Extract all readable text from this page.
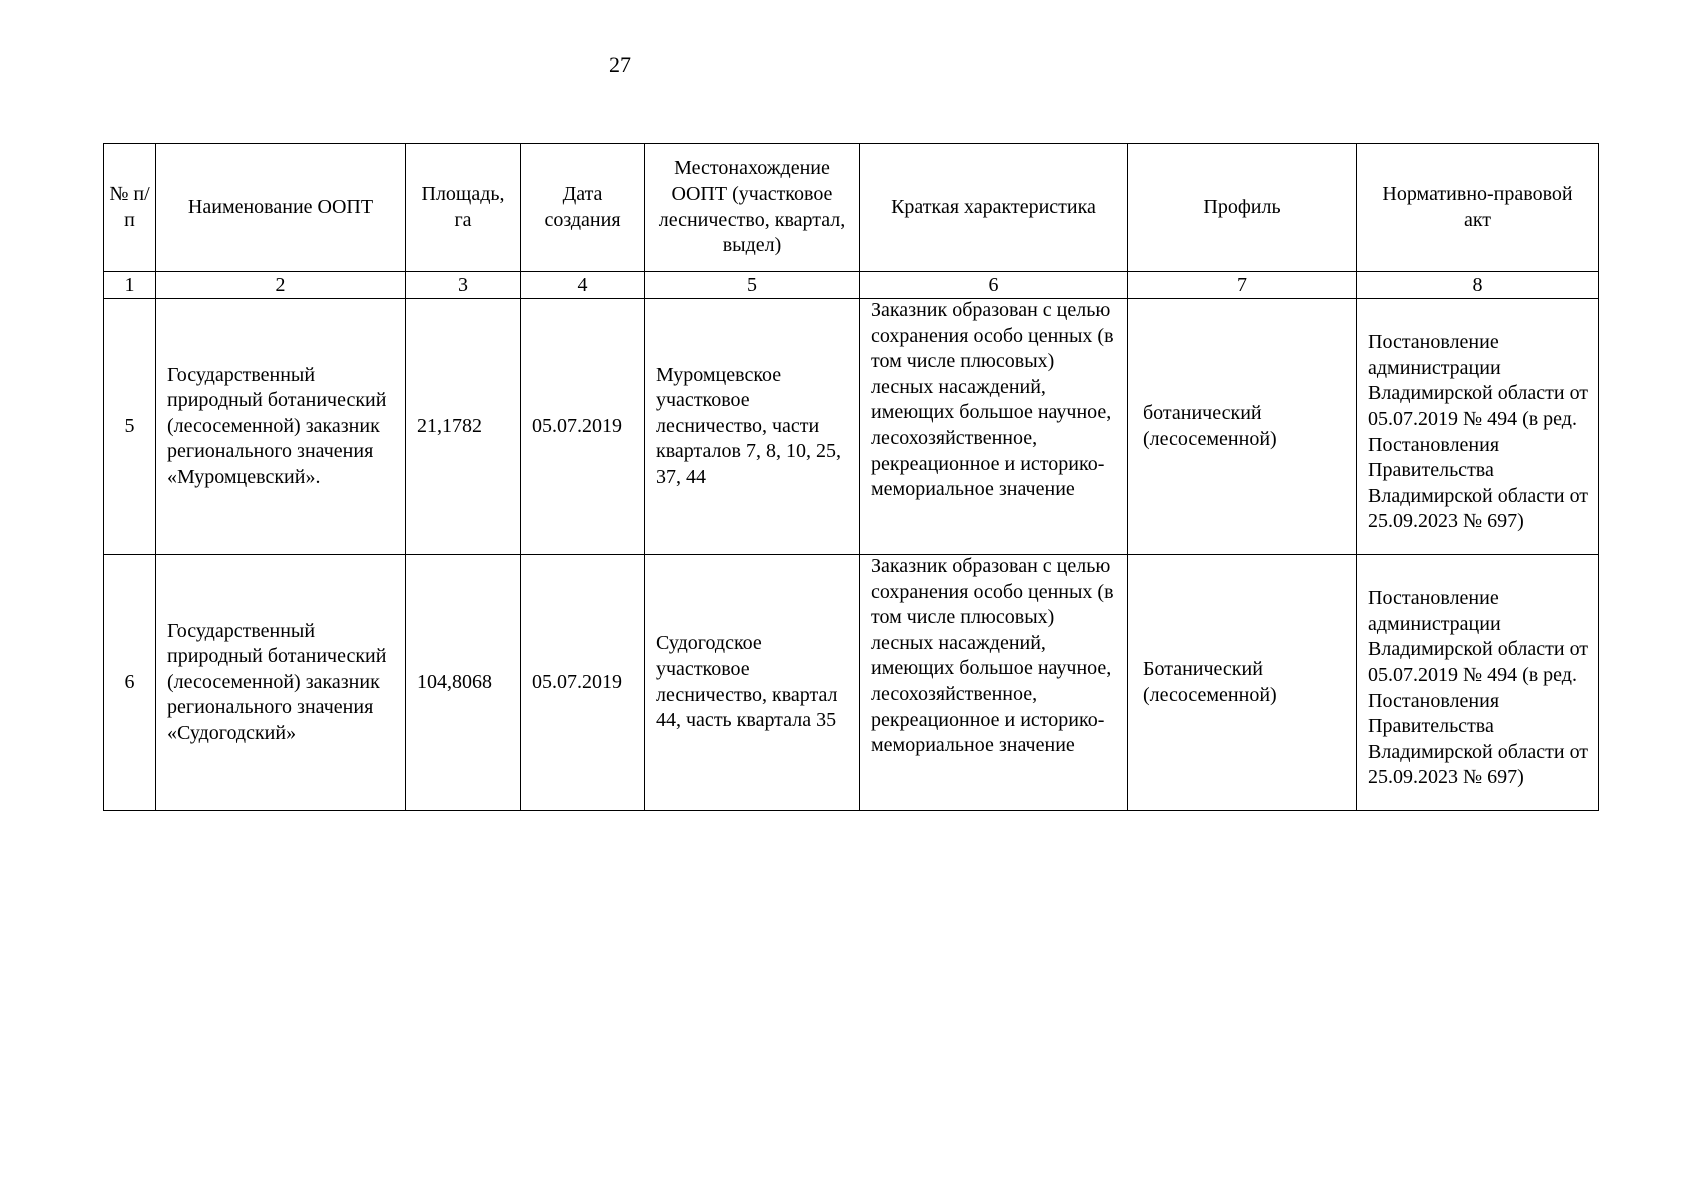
27
№ п/п	Наименование ООПТ	Площадь, га	Дата создания	Местонахождение ООПТ (участковое лесничество, квартал, выдел)	Краткая характеристика	Профиль	Нормативно-правовой акт

1	2	3	4	5	6	7	8
5	Государственный природный ботанический (лесосеменной) заказник регионального значения «Муромцевский».	21,1782	05.07.2019	Муромцевское участковое лесничество, части кварталов 7, 8, 10, 25, 37, 44	Заказник образован с целью сохранения особо ценных (в том числе плюсовых) лесных насаждений, имеющих большое научное, лесохозяйственное, рекреационное и историко-мемориальное значение	ботанический (лесосеменной)	Постановление администрации Владимирской области от 05.07.2019 № 494 (в ред. Постановления Правительства Владимирской области от 25.09.2023 № 697)

6	Государственный природный ботанический (лесосеменной) заказник регионального значения «Судогодский»	104,8068	05.07.2019	Судогодское участковое лесничество, квартал 44, часть квартала 35	Заказник образован с целью сохранения особо ценных (в том числе плюсовых) лесных насаждений, имеющих большое научное, лесохозяйственное, рекреационное и историко-мемориальное значение	Ботанический (лесосеменной)	Постановление администрации Владимирской области от 05.07.2019 № 494 (в ред. Постановления Правительства Владимирской области от 25.09.2023 № 697)
